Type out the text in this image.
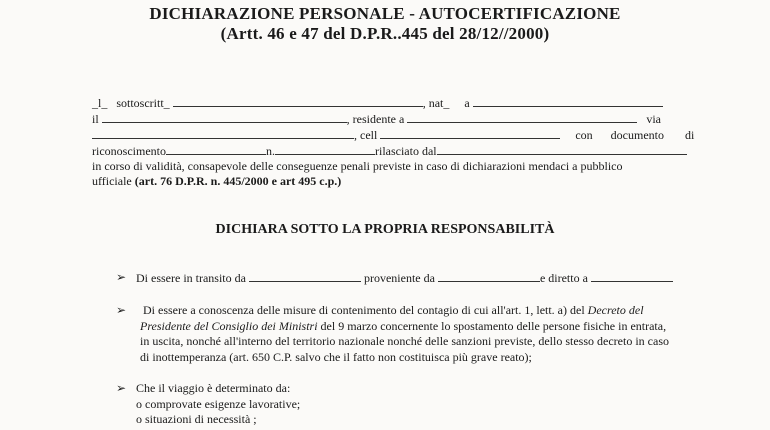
DICHIARAZIONE PERSONALE - AUTOCERTIFICAZIONE
(Artt. 46 e 47 del D.P.R..445 del 28/12//2000)
_l_ sottoscritt_	, nat_ a
il	, residente a	via
, cell	con documento di
riconoscimento	n.	rilasciato dal
in corso di validità, consapevole delle conseguenze penali previste in caso di dichiarazioni mendaci a pubblico
ufficiale (art. 76 D.P.R. n. 445/2000 e art 495 c.p.)
DICHIARA SOTTO LA PROPRIA RESPONSABILITÀ
➢ Di essere in transito da	proveniente da	e diretto a
➢ Di essere a conoscenza delle misure di contenimento del contagio di cui all'art. 1, lett. a) del Decreto del
Presidente del Consiglio dei Ministri del 9 marzo concernente lo spostamento delle persone fisiche in entrata,
in uscita, nonché all'interno del territorio nazionale nonché delle sanzioni previste, dello stesso decreto in caso
di inottemperanza (art. 650 C.P. salvo che il fatto non costituisca più grave reato);
➢ Che il viaggio è determinato da:
o comprovate esigenze lavorative;
o situazioni di necessità ;
